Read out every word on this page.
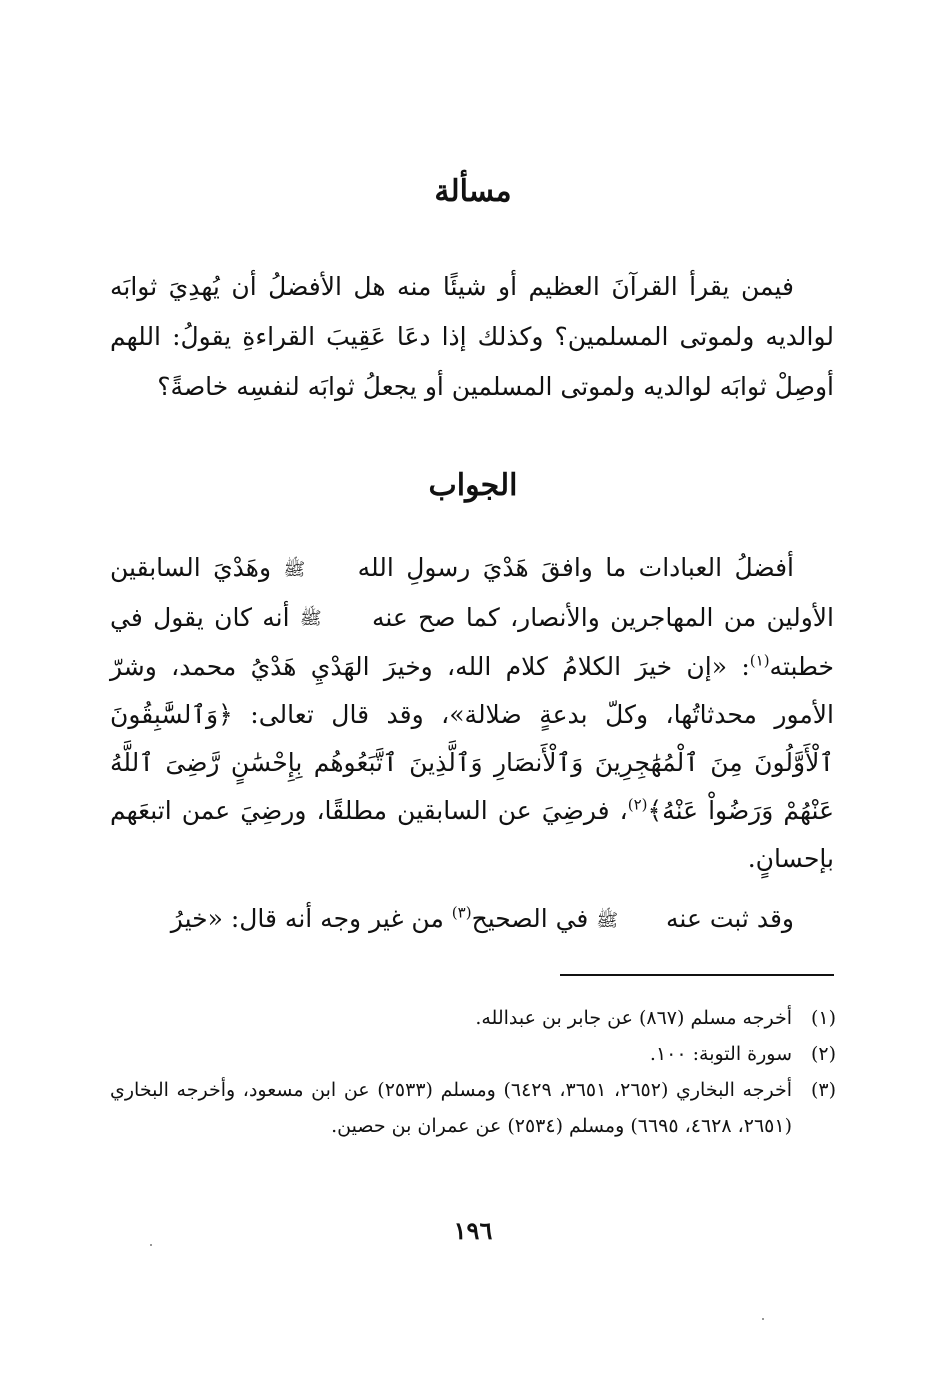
مسألة

فيمن يقرأ القرآنَ العظيم أو شيئًا منه هل الأفضلُ أن يُهدِيَ ثوابَه لوالديه ولموتى المسلمين؟ وكذلك إذا دعَا عَقِيبَ القراءةِ يقولُ: اللهم أوصِلْ ثوابَه لوالديه ولموتى المسلمين أو يجعلُ ثوابَه لنفسِه خاصةً؟

الجواب

أفضلُ العبادات ما وافقَ هَدْيَ رسولِ الله ﷺ وهَدْيَ السابقين الأولين من المهاجرين والأنصار، كما صح عنه ﷺ أنه كان يقول في خطبته$^{(١)}$: «إن خيرَ الكلامُ كلام الله، وخيرَ الهَدْيِ هَدْيُ محمد، وشرّ الأمور محدثاتُها، وكلّ بدعةٍ ضلالة»، وقد قال تعالى: ﴿وَٱلسَّٰبِقُونَ ٱلْأَوَّلُونَ مِنَ ٱلْمُهَٰجِرِينَ وَٱلْأَنصَارِ وَٱلَّذِينَ ٱتَّبَعُوهُم بِإِحْسَٰنٍ رَّضِىَ ٱللَّهُ عَنْهُمْ وَرَضُواْ عَنْهُ﴾$^{(٢)}$، فرضِيَ عن السابقين مطلقًا، ورضِيَ عمن اتبعَهم بإحسانٍ.

وقد ثبت عنه ﷺ في الصحيح$^{(٣)}$ من غير وجه أنه قال: «خيرُ

(١)
أخرجه مسلم (٨٦٧) عن جابر بن عبدالله.
(٢)
سورة التوبة: ١٠٠.
(٣)
أخرجه البخاري (٢٦٥٢، ٣٦٥١، ٦٤٢٩) ومسلم (٢٥٣٣) عن ابن مسعود، وأخرجه البخاري (٢٦٥١، ٤٦٢٨، ٦٦٩٥) ومسلم (٢٥٣٤) عن عمران بن حصين.
١٩٦
